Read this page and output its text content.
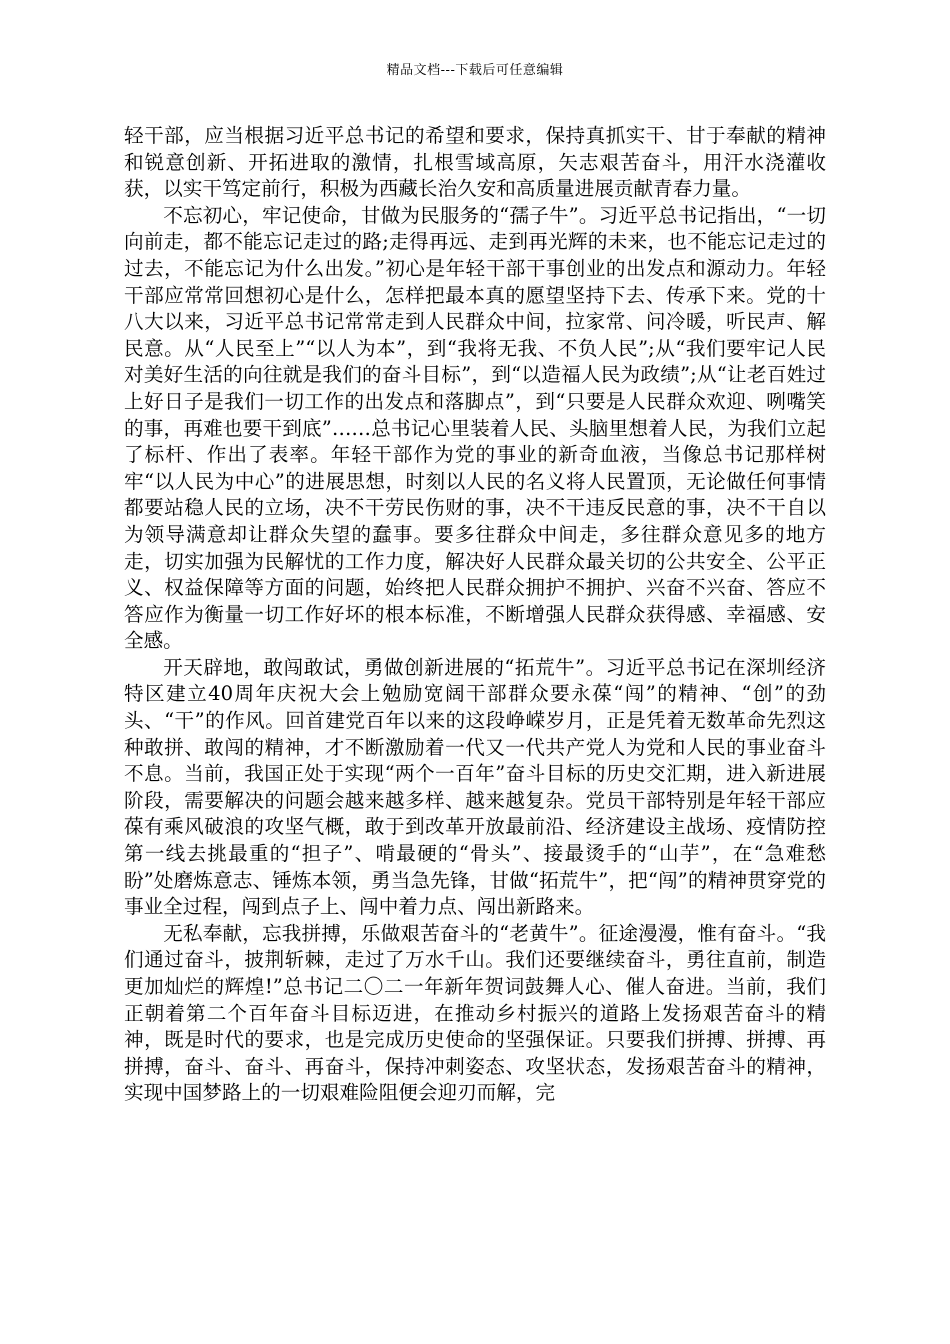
精品文档---下载后可任意编辑

轻干部，应当根据习近平总书记的希望和要求，保持真抓实干、甘于奉献的精神和锐意创新、开拓进取的激情，扎根雪域高原，矢志艰苦奋斗，用汗水浇灌收获，以实干笃定前行，积极为西藏长治久安和高质量进展贡献青春力量。

不忘初心，牢记使命，甘做为民服务的“孺子牛”。习近平总书记指出，“一切向前走，都不能忘记走过的路;走得再远、走到再光辉的未来，也不能忘记走过的过去，不能忘记为什么出发。”初心是年轻干部干事创业的出发点和源动力。年轻干部应常常回想初心是什么，怎样把最本真的愿望坚持下去、传承下来。党的十八大以来，习近平总书记常常走到人民群众中间，拉家常、问冷暖，听民声、解民意。从“人民至上”“以人为本”，到“我将无我、不负人民”;从“我们要牢记人民对美好生活的向往就是我们的奋斗目标”，到“以造福人民为政绩”;从“让老百姓过上好日子是我们一切工作的出发点和落脚点”，到“只要是人民群众欢迎、咧嘴笑的事，再难也要干到底”……总书记心里装着人民、头脑里想着人民，为我们立起了标杆、作出了表率。年轻干部作为党的事业的新奇血液，当像总书记那样树牢“以人民为中心”的进展思想，时刻以人民的名义将人民置顶，无论做任何事情都要站稳人民的立场，决不干劳民伤财的事，决不干违反民意的事，决不干自以为领导满意却让群众失望的蠢事。要多往群众中间走，多往群众意见多的地方走，切实加强为民解忧的工作力度，解决好人民群众最关切的公共安全、公平正义、权益保障等方面的问题，始终把人民群众拥护不拥护、兴奋不兴奋、答应不答应作为衡量一切工作好坏的根本标准，不断增强人民群众获得感、幸福感、安全感。

开天辟地，敢闯敢试，勇做创新进展的“拓荒牛”。习近平总书记在深圳经济特区建立40周年庆祝大会上勉励宽阔干部群众要永葆“闯”的精神、“创”的劲头、“干”的作风。回首建党百年以来的这段峥嵘岁月，正是凭着无数革命先烈这种敢拼、敢闯的精神，才不断激励着一代又一代共产党人为党和人民的事业奋斗不息。当前，我国正处于实现“两个一百年”奋斗目标的历史交汇期，进入新进展阶段，需要解决的问题会越来越多样、越来越复杂。党员干部特别是年轻干部应葆有乘风破浪的攻坚气概，敢于到改革开放最前沿、经济建设主战场、疫情防控第一线去挑最重的“担子”、啃最硬的“骨头”、接最烫手的“山芋”，在“急难愁盼”处磨炼意志、锤炼本领，勇当急先锋，甘做“拓荒牛”，把“闯”的精神贯穿党的事业全过程，闯到点子上、闯中着力点、闯出新路来。

无私奉献，忘我拼搏，乐做艰苦奋斗的“老黄牛”。征途漫漫，惟有奋斗。“我们通过奋斗，披荆斩棘，走过了万水千山。我们还要继续奋斗，勇往直前，制造更加灿烂的辉煌!”总书记二〇二一年新年贺词鼓舞人心、催人奋进。当前，我们正朝着第二个百年奋斗目标迈进，在推动乡村振兴的道路上发扬艰苦奋斗的精神，既是时代的要求，也是完成历史使命的坚强保证。只要我们拼搏、拼搏、再拼搏，奋斗、奋斗、再奋斗，保持冲刺姿态、攻坚状态，发扬艰苦奋斗的精神，实现中国梦路上的一切艰难险阻便会迎刃而解，完
